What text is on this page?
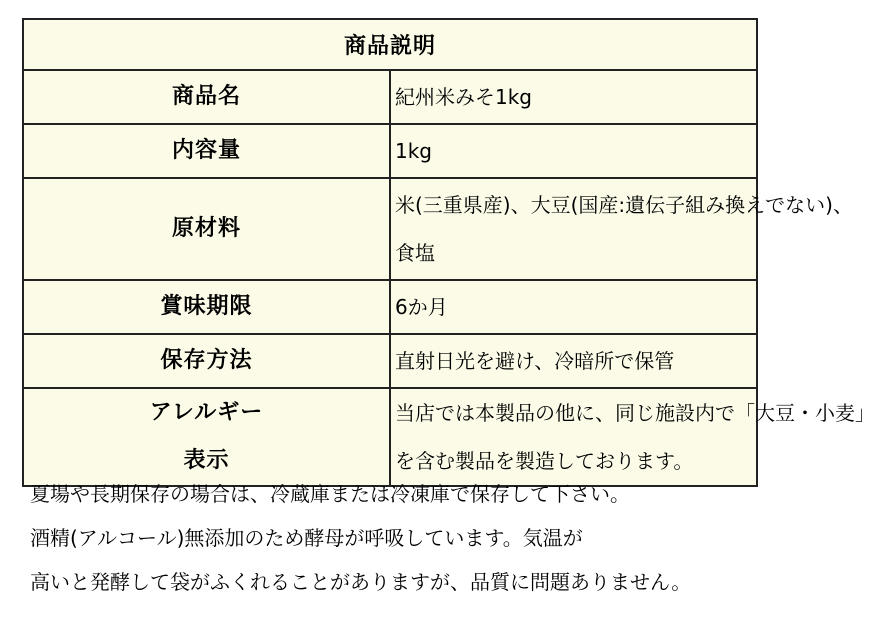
商品説明	
商品名	紀州米みそ1kg

内容量	1kg

原材料	米(三重県産)、大豆(国産:遺伝子組み換えでない)、
食塩

賞味期限	6か月

保存方法	直射日光を避け、冷暗所で保管

アレルギー
表示	当店では本製品の他に、同じ施設内で「大豆・小麦」
を含む製品を製造しております。

夏場や長期保存の場合は、冷蔵庫または冷凍庫で保存して下さい。

酒精(アルコール)無添加のため酵母が呼吸しています。気温が

高いと発酵して袋がふくれることがありますが、品質に問題ありません。
